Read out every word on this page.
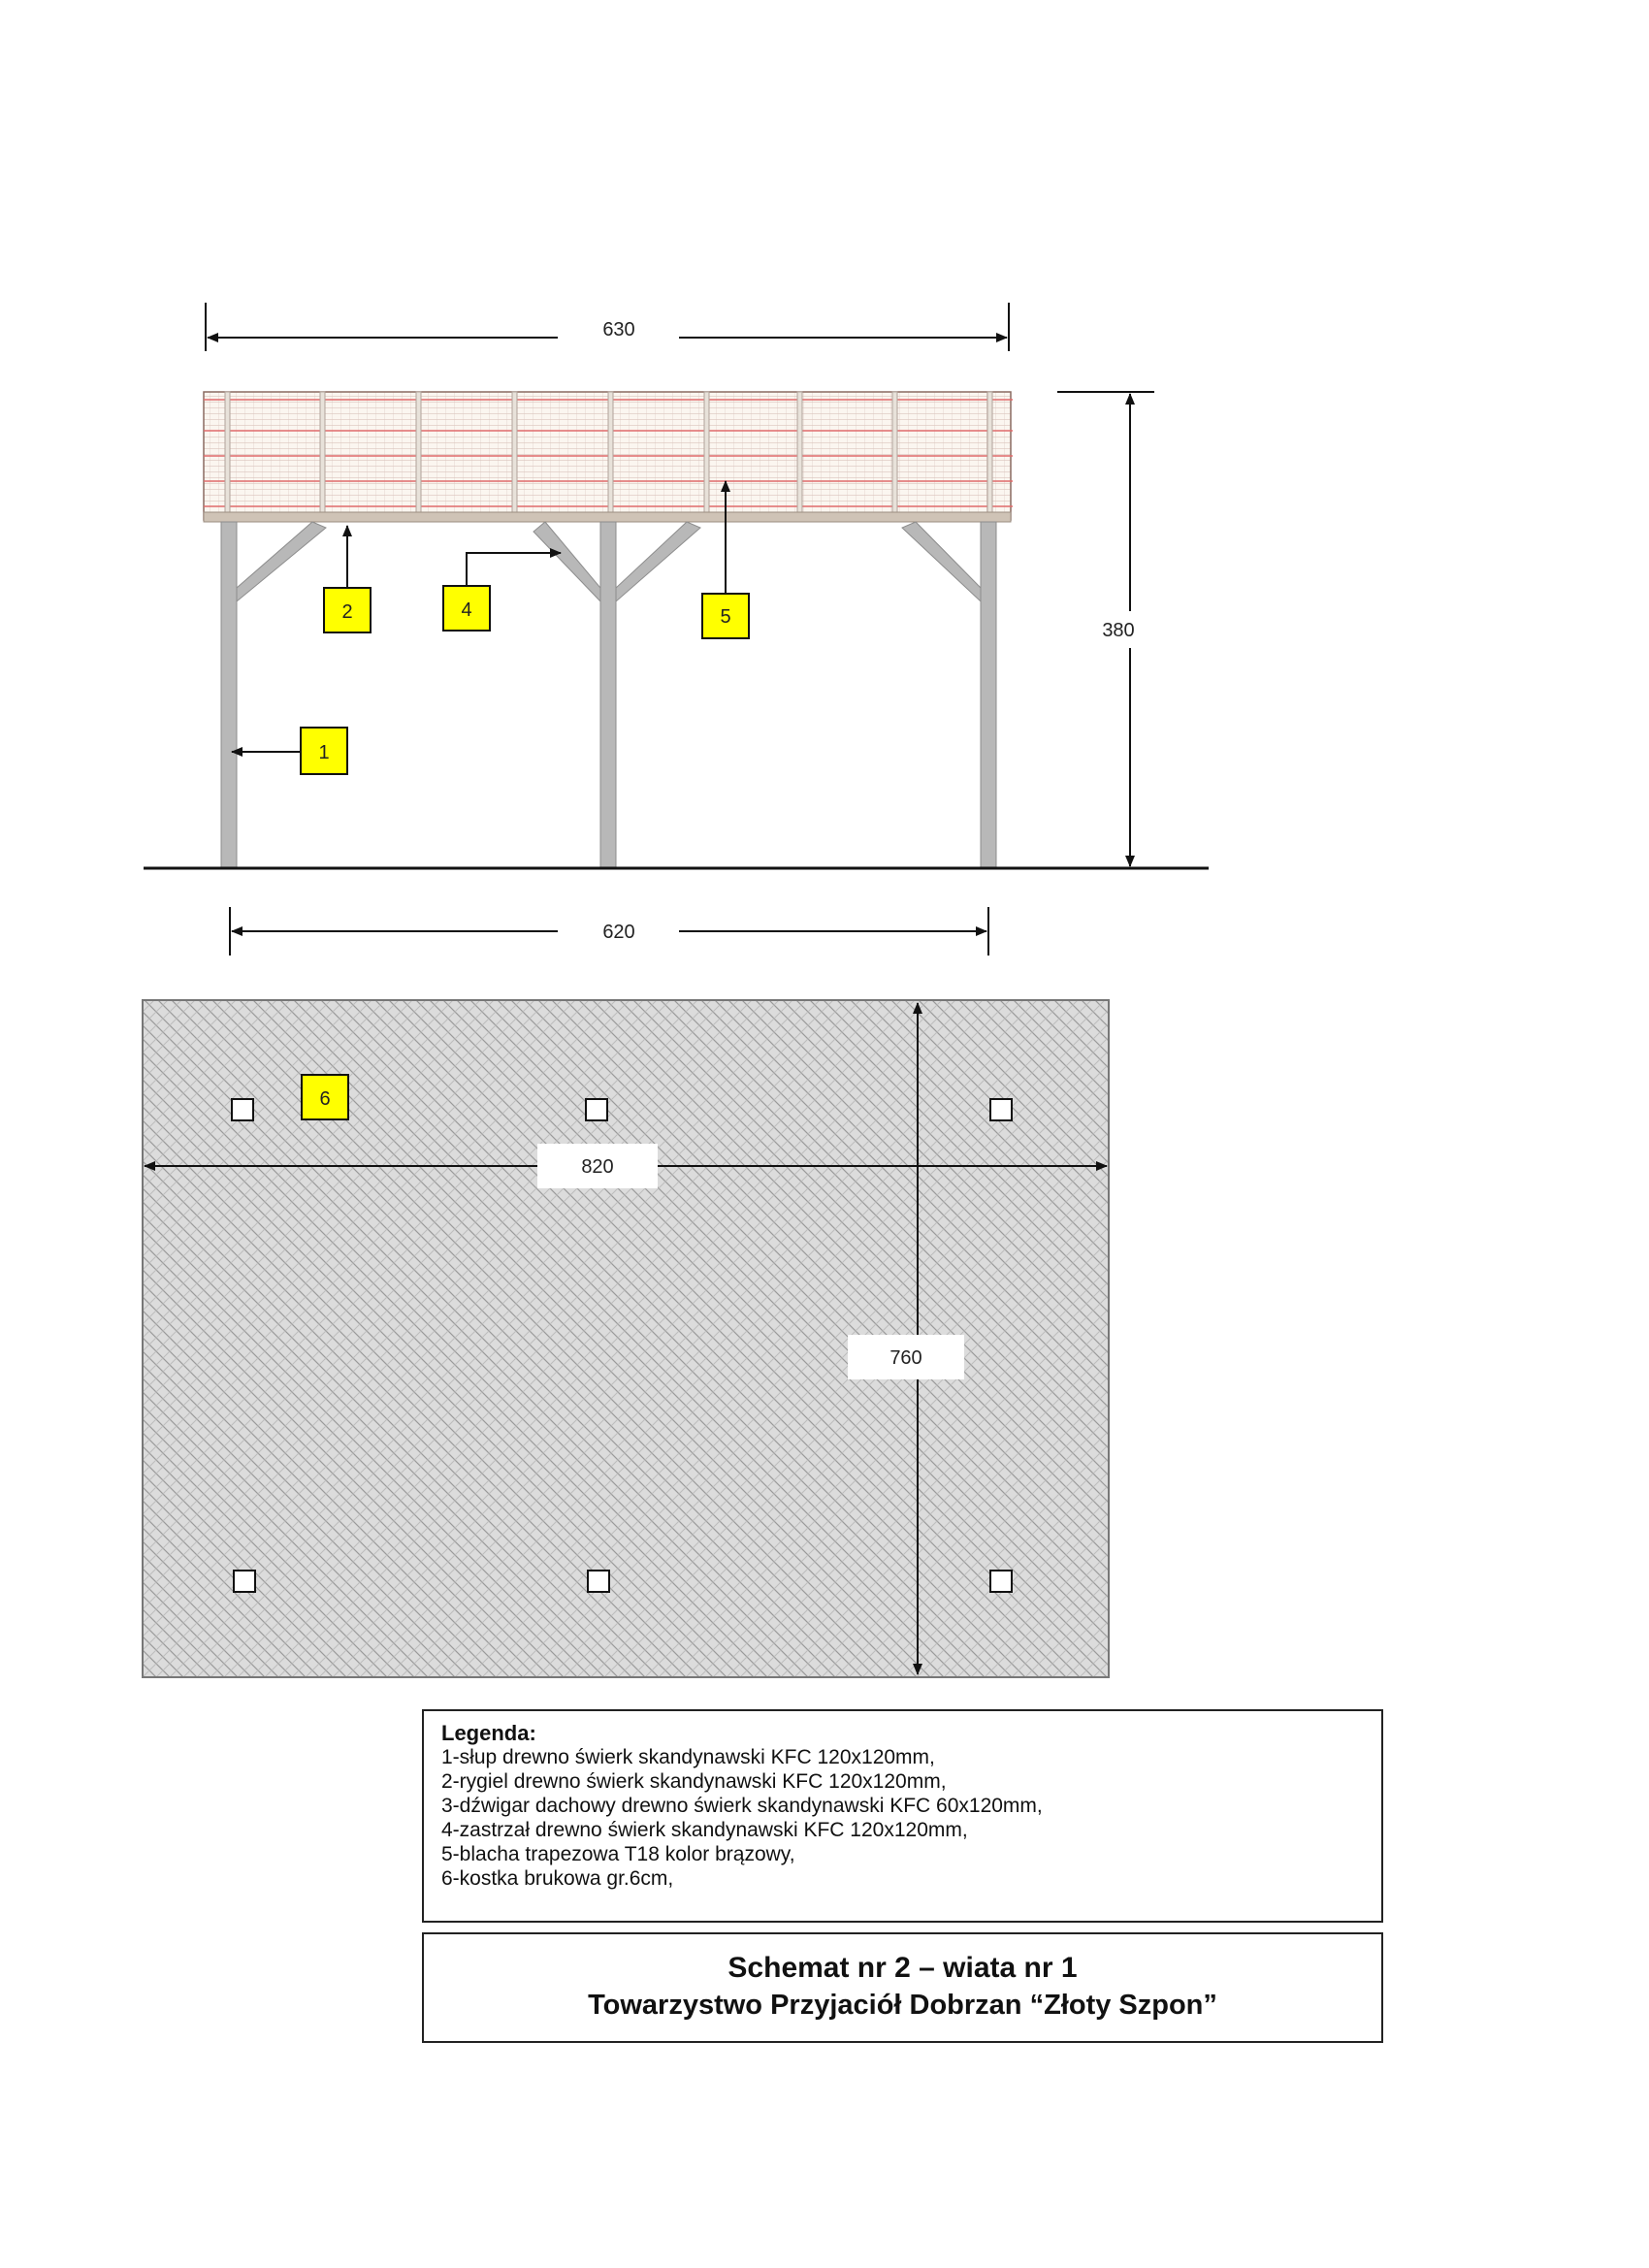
630
380
620
1
2	4	5
6
760
820
Legenda:
1-słup drewno świerk skandynawski KFC 120x120mm,
2-rygiel drewno świerk skandynawski KFC 120x120mm,
3-dźwigar dachowy drewno świerk skandynawski KFC 60x120mm,
4-zastrzał drewno świerk skandynawski KFC 120x120mm,
5-blacha trapezowa T18 kolor brązowy,
6-kostka brukowa gr.6cm,
Schemat nr 2 – wiata nr 1
Towarzystwo Przyjaciół Dobrzan “Złoty Szpon”
